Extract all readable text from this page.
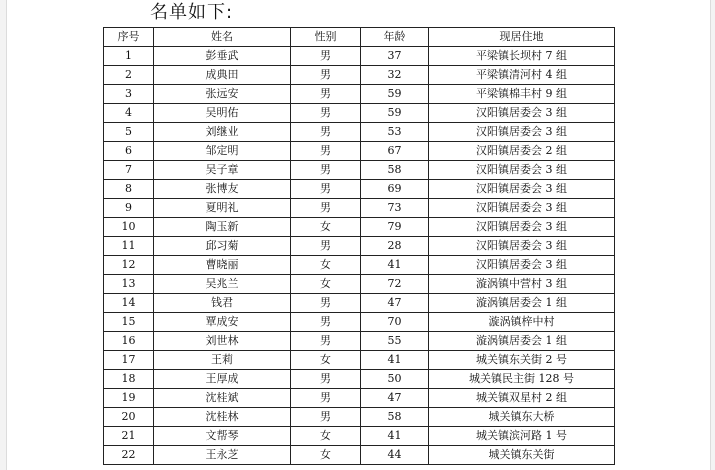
名单如下:
序号	姓名	性别	年龄	现居住地
1	彭垂武	男	37	平梁镇长坝村 7 组
2	成典田	男	32	平梁镇清河村 4 组
3	张远安	男	59	平梁镇棉丰村 9 组
4	吴明佑	男	59	汉阳镇居委会 3 组
5	刘继业	男	53	汉阳镇居委会 3 组
6	邹定明	男	67	汉阳镇居委会 2 组
7	吴子章	男	58	汉阳镇居委会 3 组
8	张博友	男	69	汉阳镇居委会 3 组
9	夏明礼	男	73	汉阳镇居委会 3 组
10	陶玉新	女	79	汉阳镇居委会 3 组
11	邱习菊	男	28	汉阳镇居委会 3 组
12	曹晓丽	女	41	汉阳镇居委会 3 组
13	吴兆兰	女	72	漩涡镇中营村 3 组
14	钱君	男	47	漩涡镇居委会 1 组
15	覃成安	男	70	漩涡镇梓中村
16	刘世林	男	55	漩涡镇居委会 1 组
17	王莉	女	41	城关镇东关街 2 号
18	王厚成	男	50	城关镇民主街 128 号
19	沈桂斌	男	47	城关镇双星村 2 组
20	沈桂林	男	58	城关镇东大桥
21	文帮琴	女	41	城关镇滨河路 1 号
22	王永芝	女	44	城关镇东关街
